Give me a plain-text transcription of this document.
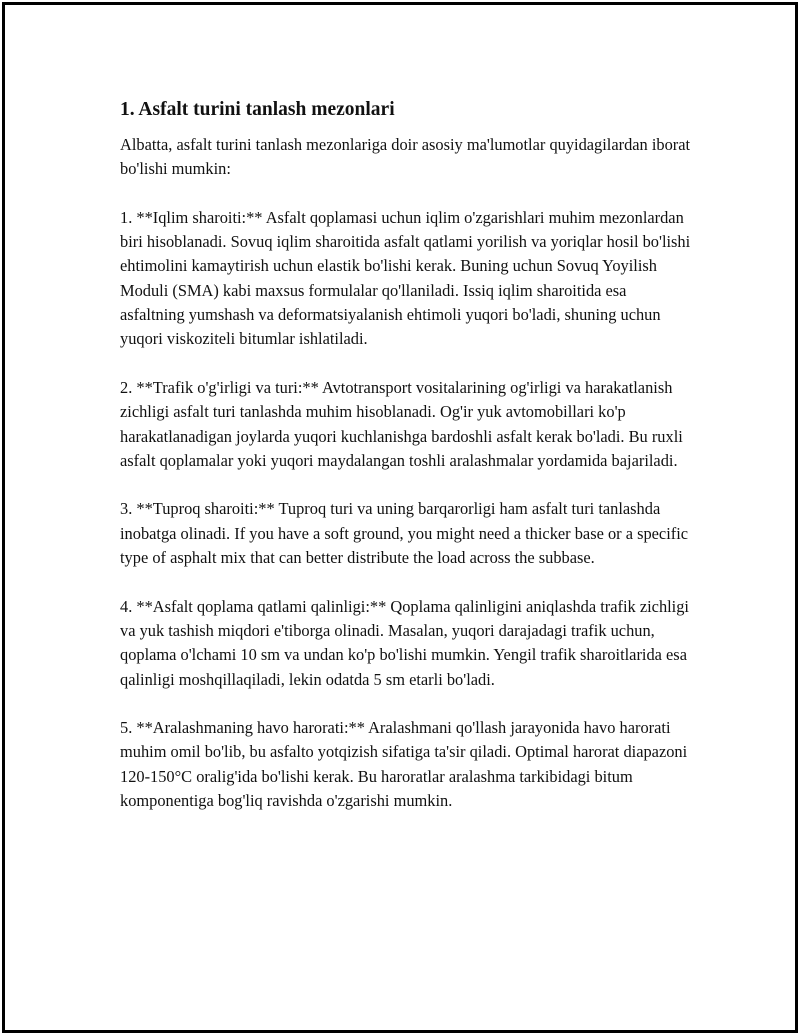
1. Asfalt turini tanlash mezonlari

Albatta, asfalt turini tanlash mezonlariga doir asosiy ma'lumotlar quyidagilardan iborat bo'lishi mumkin:

1. **Iqlim sharoiti:** Asfalt qoplamasi uchun iqlim o'zgarishlari muhim mezonlardan biri hisoblanadi. Sovuq iqlim sharoitida asfalt qatlami yorilish va yoriqlar hosil bo'lishi ehtimolini kamaytirish uchun elastik bo'lishi kerak. Buning uchun Sovuq Yoyilish Moduli (SMA) kabi maxsus formulalar qo'llaniladi. Issiq iqlim sharoitida esa asfaltning yumshash va deformatsiyalanish ehtimoli yuqori bo'ladi, shuning uchun yuqori viskoziteli bitumlar ishlatiladi.

2. **Trafik o'g'irligi va turi:** Avtotransport vositalarining og'irligi va harakatlanish zichligi asfalt turi tanlashda muhim hisoblanadi. Og'ir yuk avtomobillari ko'p harakatlanadigan joylarda yuqori kuchlanishga bardoshli asfalt kerak bo'ladi. Bu ruxli asfalt qoplamalar yoki yuqori maydalangan toshli aralashmalar yordamida bajariladi.

3. **Tuproq sharoiti:** Tuproq turi va uning barqarorligi ham asfalt turi tanlashda inobatga olinadi. If you have a soft ground, you might need a thicker base or a specific type of asphalt mix that can better distribute the load across the subbase.

4. **Asfalt qoplama qatlami qalinligi:** Qoplama qalinligini aniqlashda trafik zichligi va yuk tashish miqdori e'tiborga olinadi. Masalan, yuqori darajadagi trafik uchun, qoplama o'lchami 10 sm va undan ko'p bo'lishi mumkin. Yengil trafik sharoitlarida esa qalinligi moshqillaqiladi, lekin odatda 5 sm etarli bo'ladi.

5. **Aralashmaning havo harorati:** Aralashmani qo'llash jarayonida havo harorati muhim omil bo'lib, bu asfalto yotqizish sifatiga ta'sir qiladi. Optimal harorat diapazoni 120-150°C oralig'ida bo'lishi kerak. Bu haroratlar aralashma tarkibidagi bitum komponentiga bog'liq ravishda o'zgarishi mumkin.
